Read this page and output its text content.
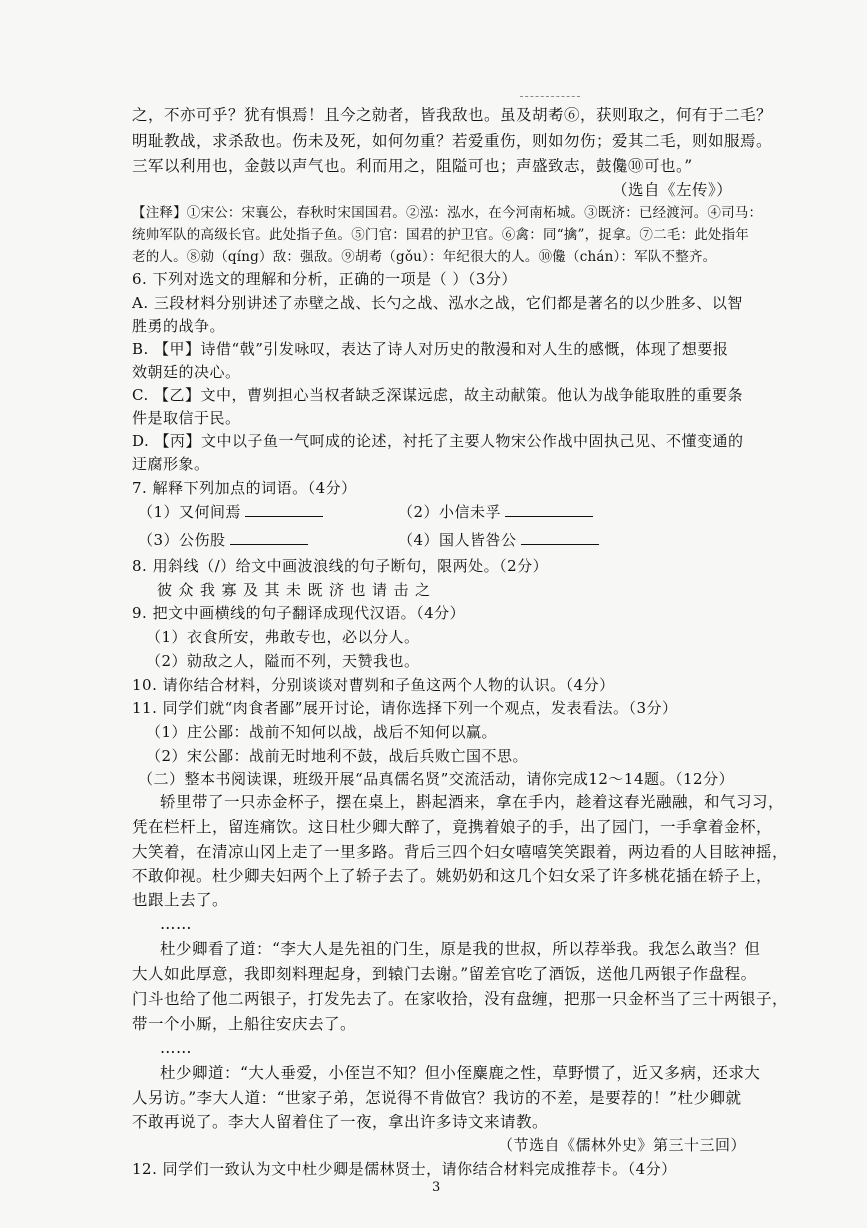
之，不亦可乎？犹有惧焉！且今之勍者，皆我敌也。虽及胡耇⑥，获则取之，何有于二毛？
明耻教战，求杀敌也。伤未及死，如何勿重？若爱重伤，则如勿伤；爱其二毛，则如服焉。
三军以利用也，金鼓以声气也。利而用之，阻隘可也；声盛致志，鼓儳⑩可也。”
（选自《左传》）
【注释】①宋公：宋襄公，春秋时宋国国君。②泓：泓水，在今河南柘城。③既济：已经渡河。④司马：
统帅军队的高级长官。此处指子鱼。⑤门官：国君的护卫官。⑥禽：同“擒”，捉拿。⑦二毛：此处指年
老的人。⑧勍（qíng）敌：强敌。⑨胡耇（gǒu）：年纪很大的人。⑩儳（chán）：军队不整齐。
6. 下列对选文的理解和分析，正确的一项是（ ）（3分）
A. 三段材料分别讲述了赤壁之战、长勺之战、泓水之战，它们都是著名的以少胜多、以智
胜勇的战争。
B. 【甲】诗借“戟”引发咏叹，表达了诗人对历史的散漫和对人生的感慨，体现了想要报
效朝廷的决心。
C. 【乙】文中，曹刿担心当权者缺乏深谋远虑，故主动献策。他认为战争能取胜的重要条
件是取信于民。
D. 【丙】文中以子鱼一气呵成的论述，衬托了主要人物宋公作战中固执己见、不懂变通的
迂腐形象。
7. 解释下列加点的词语。（4分）
（1）又何间焉	（2）小信未孚
（3）公伤股	（4）国人皆咎公
8. 用斜线（/）给文中画波浪线的句子断句，限两处。（2分）
彼众我寡及其未既济也请击之
9. 把文中画横线的句子翻译成现代汉语。（4分）
（1）衣食所安，弗敢专也，必以分人。
（2）勍敌之人，隘而不列，天赞我也。
10. 请你结合材料，分别谈谈对曹刿和子鱼这两个人物的认识。（4分）
11. 同学们就“肉食者鄙”展开讨论，请你选择下列一个观点，发表看法。（3分）
（1）庄公鄙：战前不知何以战，战后不知何以赢。
（2）宋公鄙：战前无时地利不鼓，战后兵败亡国不思。
（二）整本书阅读课，班级开展“品真儒名贤”交流活动，请你完成12～14题。（12分）
轿里带了一只赤金杯子，摆在桌上，斟起酒来，拿在手内，趁着这春光融融，和气习习，
凭在栏杆上，留连痛饮。这日杜少卿大醉了，竟携着娘子的手，出了园门，一手拿着金杯，
大笑着，在清凉山冈上走了一里多路。背后三四个妇女嘻嘻笑笑跟着，两边看的人目眩神摇，
不敢仰视。杜少卿夫妇两个上了轿子去了。姚奶奶和这几个妇女采了许多桃花插在轿子上，
也跟上去了。
……
杜少卿看了道：“李大人是先祖的门生，原是我的世叔，所以荐举我。我怎么敢当？但
大人如此厚意，我即刻料理起身，到辕门去谢。”留差官吃了酒饭，送他几两银子作盘程。
门斗也给了他二两银子，打发先去了。在家收拾，没有盘缠，把那一只金杯当了三十两银子，
带一个小厮，上船往安庆去了。
……
杜少卿道：“大人垂爱，小侄岂不知？但小侄麋鹿之性，草野惯了，近又多病，还求大
人另访。”李大人道：“世家子弟，怎说得不肯做官？我访的不差，是要荐的！”杜少卿就
不敢再说了。李大人留着住了一夜，拿出许多诗文来请教。
（节选自《儒林外史》第三十三回）
12. 同学们一致认为文中杜少卿是儒林贤士，请你结合材料完成推荐卡。（4分）
3
